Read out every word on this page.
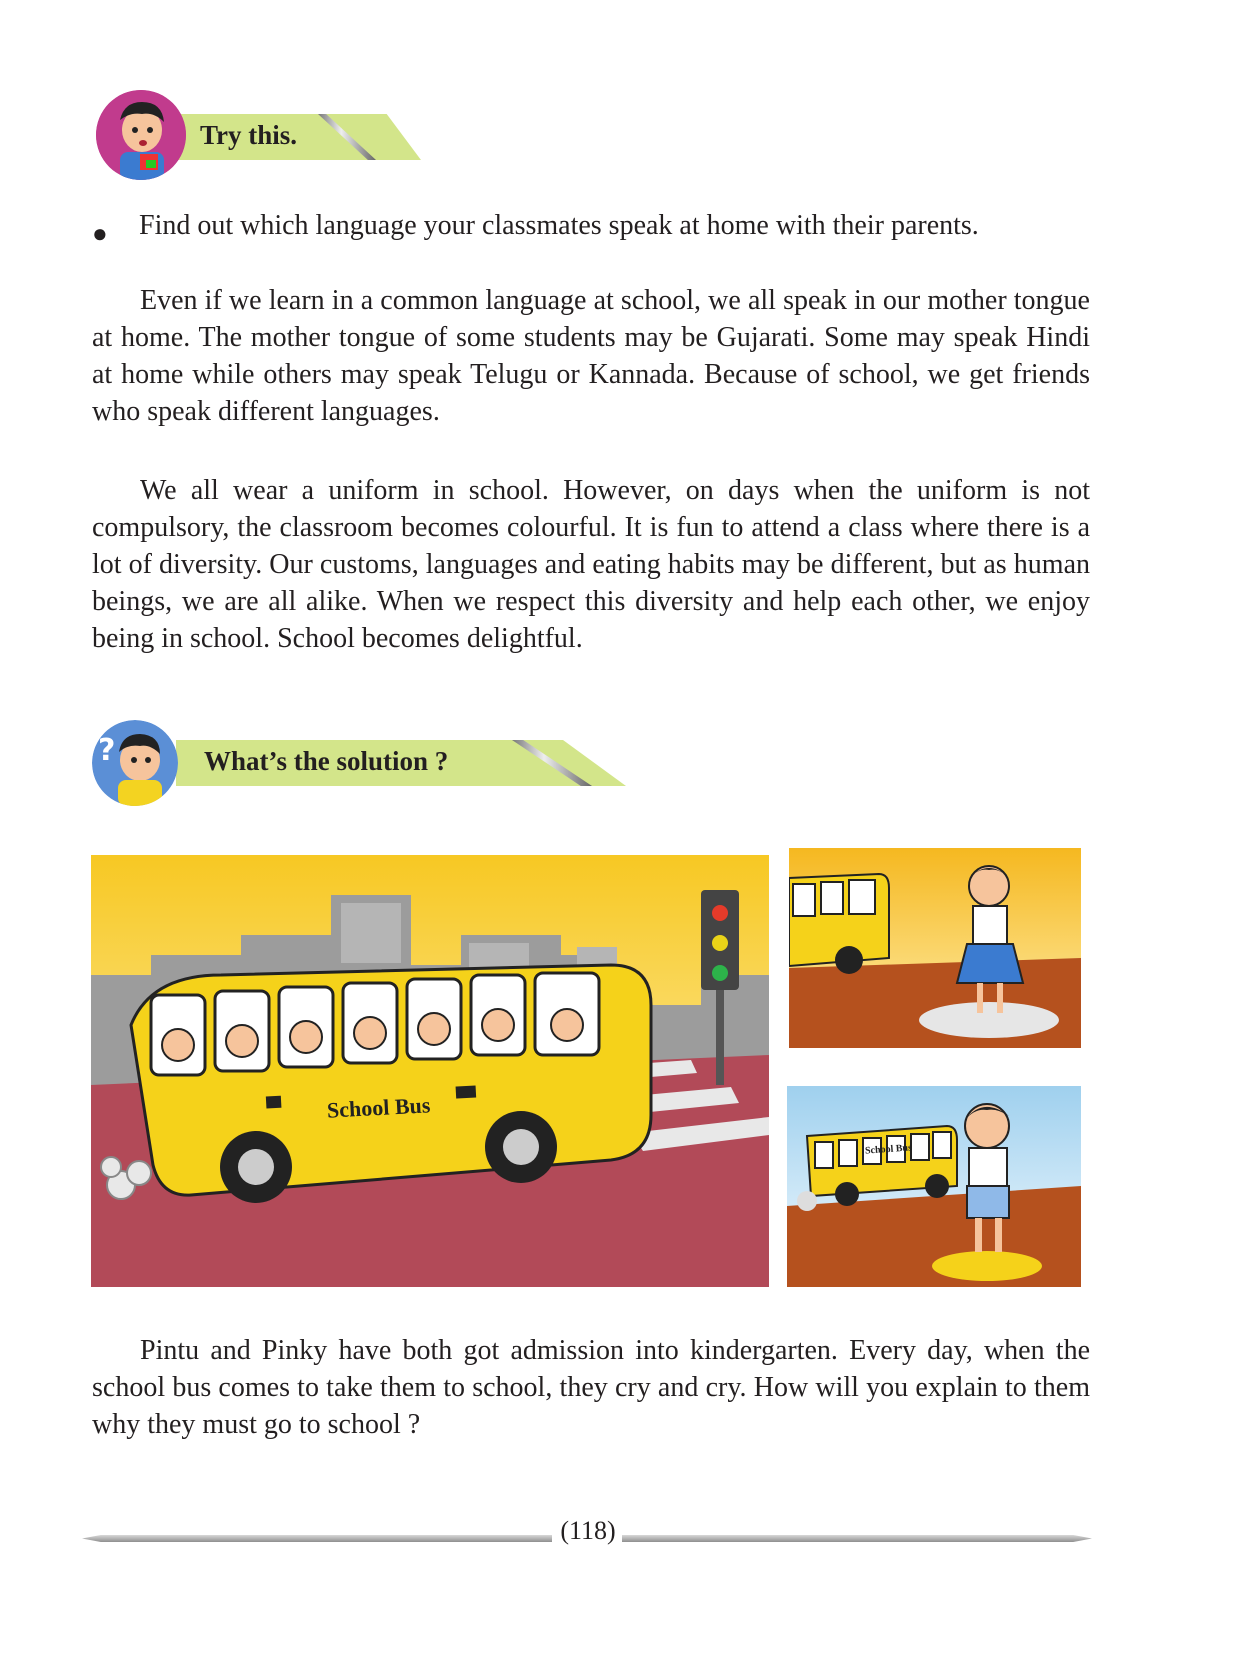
Try this.
● Find out which language your classmates speak at home with their parents.

Even if we learn in a common language at school, we all speak in our mother tongue at home. The mother tongue of some students may be Gujarati. Some may speak Hindi at home while others may speak Telugu or Kannada. Because of school, we get friends who speak different languages.

We all wear a uniform in school. However, on days when the uniform is not compulsory, the classroom becomes colourful. It is fun to attend a class where there is a lot of diversity. Our customs, languages and eating habits may be different, but as human beings, we are all alike. When we respect this diversity and help each other, we enjoy being in school. School becomes delightful.

?	What’s the solution ?
School Bus
School Bus

Pintu and Pinky have both got admission into kindergarten. Every day, when the school bus comes to take them to school, they cry and cry. How will you explain to them why they must go to school ?

(118)
